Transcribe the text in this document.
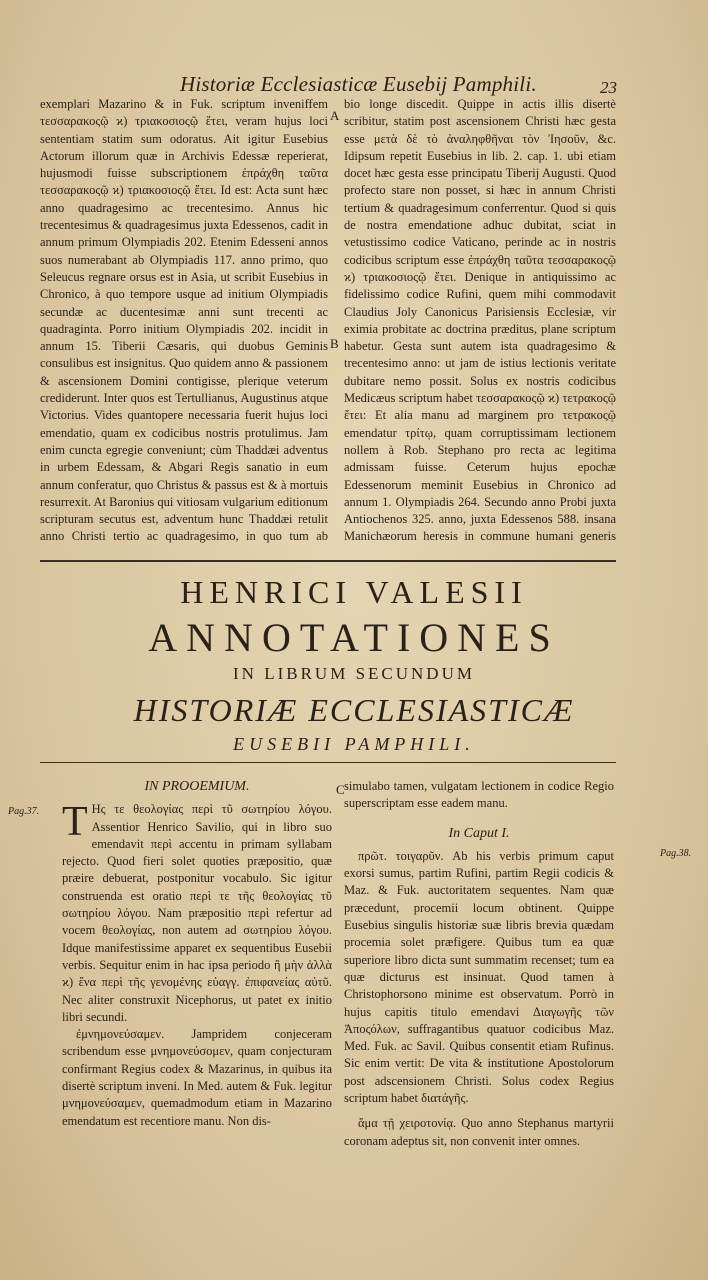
Historiæ Ecclesiasticæ Eusebij Pamphili.	23

exemplari Mazarino & in Fuk. scriptum inveniffem τεσσαρακοςῷ ϰ) τριακοσιοςῷ ἔτει, veram hujus loci sententiam statim sum odoratus. Ait igitur Eusebius Actorum illorum quæ in Archivis Edessæ reperierat, hujusmodi fuisse subscriptionem ἐπράχθη ταῦτα τεσσαρακοςῷ ϰ) τριακοσιοςῷ ἔτει. Id est: Acta sunt hæc anno quadragesimo ac trecentesimo. Annus hic trecentesimus & quadragesimus juxta Edessenos, cadit in annum primum Olympiadis 202. Etenim Edesseni annos suos numerabant ab Olympiadis 117. anno primo, quo Seleucus regnare orsus est in Asia, ut scribit Eusebius in Chronico, à quo tempore usque ad initium Olympiadis secundæ ac ducentesimæ anni sunt trecenti ac quadraginta. Porro initium Olympiadis 202. incidit in annum 15. Tiberii Cæsaris, qui duobus Geminis consulibus est insignitus. Quo quidem anno & passionem & ascensionem Domini contigisse, plerique veterum crediderunt. Inter quos est Tertullianus, Augustinus atque Victorius. Vides quantopere necessaria fuerit hujus loci emendatio, quam ex codicibus nostris protulimus. Jam enim cuncta egregie conveniunt; cùm Thaddæi adventus in urbem Edessam, & Abgari Regis sanatio in eum annum conferatur, quo Christus & passus est & à mortuis resurrexit. At Baronius qui vitiosam vulgarium editionum scripturam secutus est, adventum hunc Thaddæi retulit anno Christi tertio ac quadragesimo, in quo tum ab

A
B

bio longe discedit. Quippe in actis illis disertè scribitur, statim post ascensionem Christi hæc gesta esse μετὰ δὲ τὸ ἀναληφθῆναι τὸν Ἰησοῦν, &c. Idipsum repetit Eusebius in lib. 2. cap. 1. ubi etiam docet hæc gesta esse principatu Tiberij Augusti. Quod profecto stare non posset, si hæc in annum Christi tertium & quadragesimum conferrentur. Quod si quis de nostra emendatione adhuc dubitat, sciat in vetustissimo codice Vaticano, perinde ac in nostris codicibus scriptum esse ἐπράχθη ταῦτα τεσσαρακοςῷ ϰ) τριακοσιοςῷ ἔτει. Denique in antiquissimo ac fidelissimo codice Rufini, quem mihi commodavit Claudius Joly Canonicus Parisiensis Ecclesiæ, vir eximia probitate ac doctrina præditus, plane scriptum habetur. Gesta sunt autem ista quadragesimo & trecentesimo anno: ut jam de istius lectionis veritate dubitare nemo possit. Solus ex nostris codicibus Medicæus scriptum habet τεσσαρακοςῷ ϰ) τετρακοςῷ ἔτει: Et alia manu ad marginem pro τετρακοςῷ emendatur τρίτῳ, quam corruptissimam lectionem nollem à Rob. Stephano pro recta ac legitima admissam fuisse. Ceterum hujus epochæ Edessenorum meminit Eusebius in Chronico ad annum 1. Olympiadis 264. Secundo anno Probi juxta Antiochenos 325. anno, juxta Edessenos 588. insana Manichæorum heresis in commune humani generis

HENRICI VALESII
ANNOTATIONES
IN LIBRUM SECUNDUM
HISTORIÆ ECCLESIASTICÆ
EUSEBII PAMPHILI.
Pag.37.
Pag.38.
C
IN PROOEMIUM.
T Ης τε θεολογίας περὶ τῦ σωτηρίου λόγου. Assentior Henrico Savilio, qui in libro suo emendavit περὶ accentu in primam syllabam rejecto. Quod fieri solet quoties præpositio, quæ præire debuerat, postponitur vocabulo. Sic igitur construenda est oratio περὶ τε τῆς θεολογίας τῦ σωτηρίου λόγου. Nam præpositio περὶ refertur ad vocem θεολογίας, non autem ad σωτηρίου λόγου. Idque manifestissime apparet ex sequentibus Eusebii verbis. Sequitur enim in hac ipsa periodo ἢ μὴν ἀλλὰ ϰ) ἔνα περὶ τῆς γενομένης εὐαγγ. ἐπιφανείας αὐτῦ. Nec aliter construxit Nicephorus, ut patet ex initio libri secundi.

ἐμνημονεύσαμεν. Jampridem conjeceram scribendum esse μνημονεύσομεν, quam conjecturam confirmant Regius codex & Mazarinus, in quibus ita disertè scriptum inveni. In Med. autem & Fuk. legitur μνημονεύσαμεν, quemadmodum etiam in Mazarino emendatum est recentiore manu. Non dis-

simulabo tamen, vulgatam lectionem in codice Regio superscriptam esse eadem manu.

In Caput I.

πρῶτ. τοιγαρῦν. Ab his verbis primum caput exorsi sumus, partim Rufini, partim Regii codicis & Maz. & Fuk. auctoritatem sequentes. Nam quæ præcedunt, procemii locum obtinent. Quippe Eusebius singulis historiæ suæ libris brevia quædam procemia solet præfigere. Quibus tum ea quæ superiore libro dicta sunt summatim recenset; tum ea quæ dicturus est insinuat. Quod tamen à Christophorsono minime est observatum. Porrò in hujus capitis titulo emendavi Διαγωγῆς τῶν Ἀποςόλων, suffragantibus quatuor codicibus Maz. Med. Fuk. ac Savil. Quibus consentit etiam Rufinus. Sic enim vertit: De vita & institutione Apostolorum post adscensionem Christi. Solus codex Regius scriptum habet διατάγῆς.

ἅμα τῇ χειροτονίᾳ. Quo anno Stephanus martyrii coronam adeptus sit, non convenit inter omnes.
